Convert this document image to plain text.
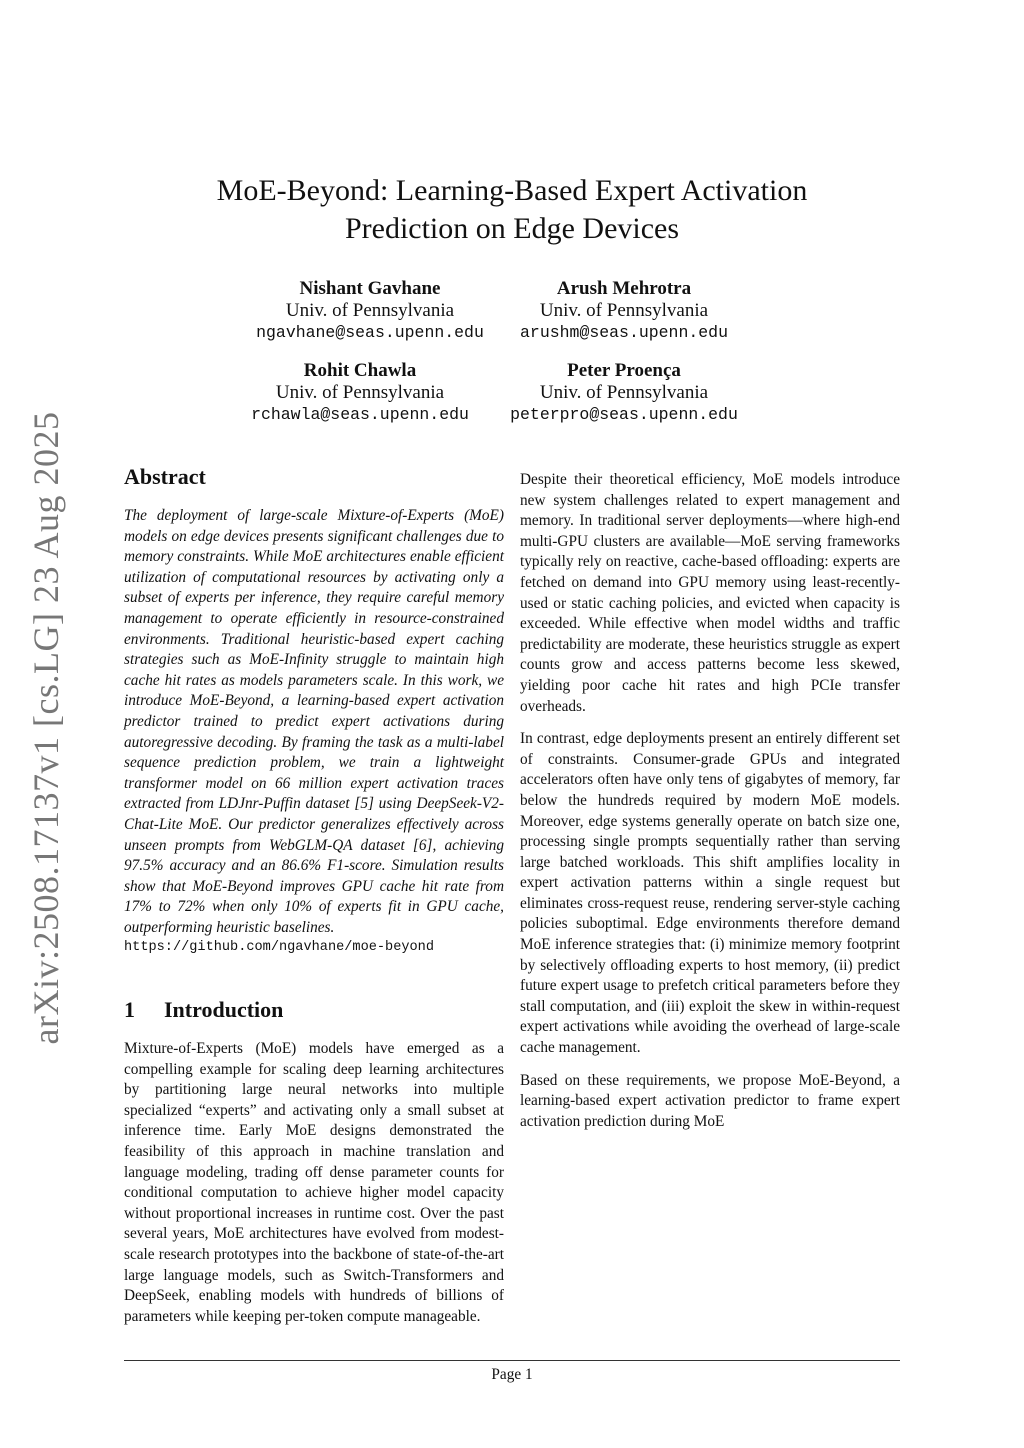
arXiv:2508.17137v1 [cs.LG] 23 Aug 2025
MoE-Beyond: Learning-Based Expert Activation
Prediction on Edge Devices
Nishant Gavhane
Univ. of Pennsylvania
ngavhane@seas.upenn.edu
Arush Mehrotra
Univ. of Pennsylvania
arushm@seas.upenn.edu
Rohit Chawla
Univ. of Pennsylvania
rchawla@seas.upenn.edu
Peter Proença
Univ. of Pennsylvania
peterpro@seas.upenn.edu
Abstract

The deployment of large-scale Mixture-of-Experts (MoE) models on edge devices presents significant challenges due to memory constraints. While MoE architectures enable efficient utilization of computational resources by activating only a subset of experts per inference, they require careful memory management to operate efficiently in resource-constrained environments. Traditional heuristic-based expert caching strategies such as MoE-Infinity struggle to maintain high cache hit rates as models parameters scale. In this work, we introduce MoE-Beyond, a learning-based expert activation predictor trained to predict expert activations during autoregressive decoding. By framing the task as a multi-label sequence prediction problem, we train a lightweight transformer model on 66 million expert activation traces extracted from LDJnr-Puffin dataset [5] using DeepSeek-V2-Chat-Lite MoE. Our predictor generalizes effectively across unseen prompts from WebGLM-QA dataset [6], achieving 97.5% accuracy and an 86.6% F1-score. Simulation results show that MoE-Beyond improves GPU cache hit rate from 17% to 72% when only 10% of experts fit in GPU cache, outperforming heuristic baselines.

https://github.com/ngavhane/moe-beyond
1 Introduction

Mixture-of-Experts (MoE) models have emerged as a compelling example for scaling deep learning architectures by partitioning large neural networks into multiple specialized “experts” and activating only a small subset at inference time. Early MoE designs demonstrated the feasibility of this approach in machine translation and language modeling, trading off dense parameter counts for conditional computation to achieve higher model capacity without proportional increases in runtime cost. Over the past several years, MoE architectures have evolved from modest-scale research prototypes into the backbone of state-of-the-art large language models, such as Switch-Transformers and DeepSeek, enabling models with hundreds of billions of parameters while keeping per-token compute manageable.

Despite their theoretical efficiency, MoE models introduce new system challenges related to expert management and memory. In traditional server deployments—where high-end multi-GPU clusters are available—MoE serving frameworks typically rely on reactive, cache-based offloading: experts are fetched on demand into GPU memory using least-recently-used or static caching policies, and evicted when capacity is exceeded. While effective when model widths and traffic predictability are moderate, these heuristics struggle as expert counts grow and access patterns become less skewed, yielding poor cache hit rates and high PCIe transfer overheads.

In contrast, edge deployments present an entirely different set of constraints. Consumer-grade GPUs and integrated accelerators often have only tens of gigabytes of memory, far below the hundreds required by modern MoE models. Moreover, edge systems generally operate on batch size one, processing single prompts sequentially rather than serving large batched workloads. This shift amplifies locality in expert activation patterns within a single request but eliminates cross-request reuse, rendering server-style caching policies suboptimal. Edge environments therefore demand MoE inference strategies that: (i) minimize memory footprint by selectively offloading experts to host memory, (ii) predict future expert usage to prefetch critical parameters before they stall computation, and (iii) exploit the skew in within-request expert activations while avoiding the overhead of large-scale cache management.

Based on these requirements, we propose MoE-Beyond, a learning-based expert activation predictor to frame expert activation prediction during MoE

Page 1
